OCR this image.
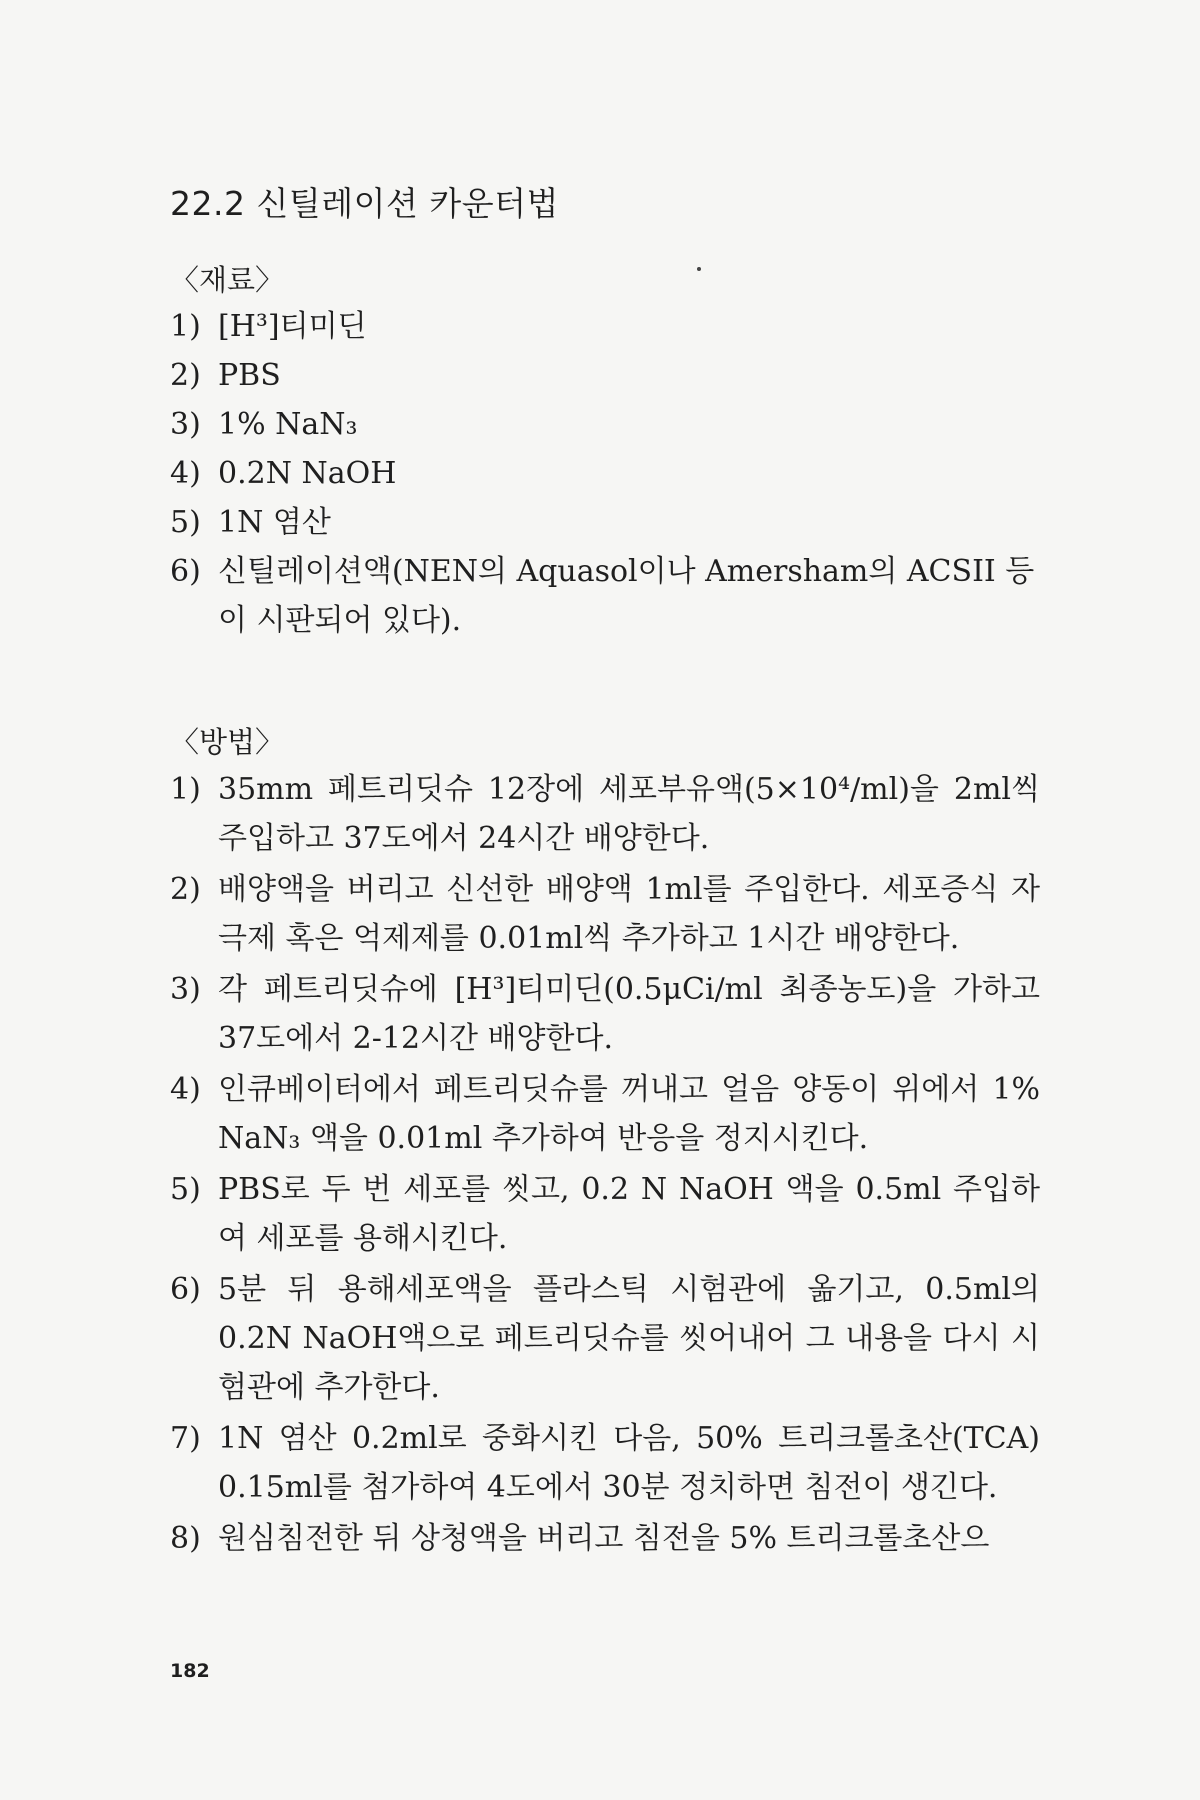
22.2 신틸레이션 카운터법

〈재료〉

1) [H³]티미딘
2) PBS
3) 1% NaN₃
4) 0.2N NaOH
5) 1N 염산
6) 신틸레이션액(NEN의 Aquasol이나 Amersham의 ACSII 등이 시판되어 있다).

〈방법〉

1) 35mm 페트리딧슈 12장에 세포부유액(5×10⁴/ml)을 2ml씩 주입하고 37도에서 24시간 배양한다.
2) 배양액을 버리고 신선한 배양액 1ml를 주입한다. 세포증식 자극제 혹은 억제제를 0.01ml씩 추가하고 1시간 배양한다.
3) 각 페트리딧슈에 [H³]티미딘(0.5μCi/ml 최종농도)을 가하고 37도에서 2-12시간 배양한다.
4) 인큐베이터에서 페트리딧슈를 꺼내고 얼음 양동이 위에서 1% NaN₃ 액을 0.01ml 추가하여 반응을 정지시킨다.
5) PBS로 두 번 세포를 씻고, 0.2 N NaOH 액을 0.5ml 주입하여 세포를 용해시킨다.
6) 5분 뒤 용해세포액을 플라스틱 시험관에 옮기고, 0.5ml의 0.2N NaOH액으로 페트리딧슈를 씻어내어 그 내용을 다시 시험관에 추가한다.
7) 1N 염산 0.2ml로 중화시킨 다음, 50% 트리크롤초산(TCA) 0.15ml를 첨가하여 4도에서 30분 정치하면 침전이 생긴다.
8) 원심침전한 뒤 상청액을 버리고 침전을 5% 트리크롤초산으

182
